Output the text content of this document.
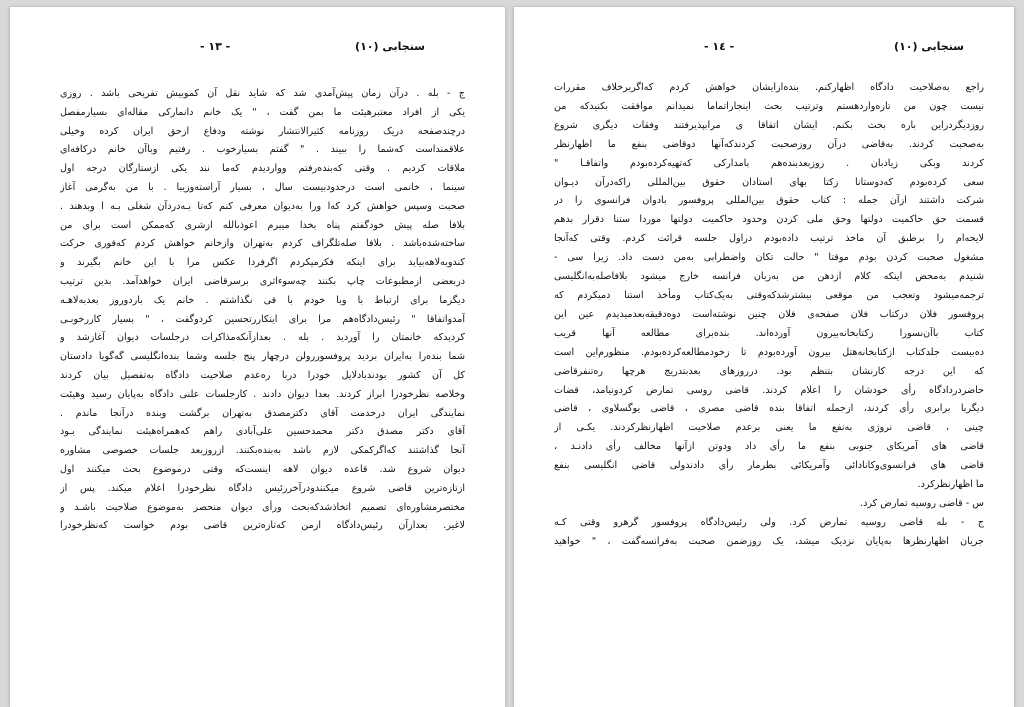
- ١٣ -	سنجابی (١٠)
ج - بله . درآن زمان پیش‌آمدی شد که شاید نقل آن کموبیش تفریحی باشد . روزی
یکی از افراد معتبرهیئت ما بمن گفت ، " یک خانم دانمارکی مقاله‌ای بسیارمفصل
درچندصفحه دریک روزنامه کثیرالانتشار نوشته ودفاع ازحق ایران کرده وخیلی
علاقمنداست که‌شما را ببیند . " گفتم بسیارخوب . رفتیم وباآن خانم درکافه‌ای
ملاقات کردیم . وقتی که‌بنده‌رفتم وواردیدم که‌ما نند یکی ازستارگان درجه اول
سینما ، خانمی است درحدودبیست سال ، بسیار آراسته‌وزیبا . با من به‌گرمی آغاز
صحبت وسپس خواهش کرد که‌ا ورا به‌دیوان معرفی کنم که‌تا بـه‌دردآن شغلی بـه ا وبدهند .
بلافا صله پیش خودگفتم پناه بخدا میبرم اعوذبالله ازشری که‌ممکن است برای من
ساخته‌شده‌باشد . بلافا صله‌تلگراف کردم به‌تهران وازخانم خواهش کردم که‌فوری حرکت
کندوبه‌لاهه‌بیاید برای اینکه فکرمیکردم اگرفردا عکس مرا با این خانم بگیرند و
دربعضی ازمطبوعات چاپ بکنند چه‌سوءاثری برسرقاضی ایران خواهدآمد. بدین ترتیب
دیگرما برای ارتباط با وبا خودم با قی نگذاشتم . خانم یک باردوروز بعدبه‌لاهـه
آمدواتفاقا " رئیس‌دادگاه‌هم مرا برای اینکاررتحسین کردوگفت ، " بسیار کاررخوبـی
کردیدکه خانمتان را آوردید . بله . بعدازآنکه‌مذاکرات درجلسات دیوان آغازشد و
شما بنده‌را به‌ایران بردید پروفسوررولن درچهار پنج جلسه وشما بنده‌انگلیسی گه‌گویا دادستان
کل آن کشور بودندبادلایل خودرا دربا ره‌عدم صلاحیت دادگاه به‌تفصیل بیان کردند
وخلاصه نظرخودرا ابراز کردند. بعدا دیوان دادند . کارجلسات علنی دادگاه به‌پایان رسید وهیئت
نمایندگی ایران درخدمت آقای دکترمصدق به‌تهران برگشت وبنده درآنجا ماندم .
آقای دکتر مصدق دکتر محمدحسین علی‌آبادی راهم که‌همراه‌هیئت نمایندگی بـود
آنجا گذاشتند که‌اگرکمکی لازم باشد به‌بنده‌بکنند. ازروزبعد جلسات خصوصی مشاوره
دیوان شروع شد. قاعده دیوان لاهه اینست‌که وقتی درموضوع بحث میکنند اول
ازتازه‌ترین قاضی شروع میکنندودرآخررئیس دادگاه نظرخودرا اعلام میکند. پس از
مختصرمشاوره‌ای تصمیم اتخاذشدکه‌بحث ورأی دیوان منحصر به‌موضوع صلاحیت باشـد و
لاغیر. بعدازآن رئیس‌دادگاه ازمن که‌تازه‌ترین قاضی بودم خواست که‌نظرخودرا
- ١٤ -	سنجابی (١٠)
راجع به‌صلاحیت دادگاه اظهارکنم. بنده‌ازایشان خواهش کردم که‌اگربرخلاف مقررات
نیست چون من تازه‌واردهستم وترتیب بحث اینجاراتماما نمیدانم موافقت بکنیدکه من
روزدیگردراین باره بحث بکنم. ایشان اتفاقا ی مرابپذیرفتند وفقات دیگری شروع
به‌صحبت کردند. به‌قاضی درآن روزصحبت کردندکه‌آنها دوقاضی بنفع ما اظهارنظر
کردند وبکی زیادبان . روزبعدبنده‌هم بامدارکی که‌تهیه‌کرده‌بودم واتفاقـا "
سعی کرده‌بودم که‌دوستانا زکتا بهای استادان حقوق بین‌المللی راکه‌درآن دیـوان
شرکت داشتند ازآن جمله : کتاب حقوق بین‌المللی پروفسور بادوان فرانسوی را در
قسمت حق حاکمیت دولتها وحق ملی کردن وحدود حاکمیت دولتها موردا ستنا دقرار بدهم
لایحه‌ام را برطبق آن ماخذ ترتیب داده‌بودم دراول جلسه قرائت کردم. وقتی که‌آنجا
مشغول صحبت کردن بودم موقتا " حالت تکان واضطرابی به‌من دست داد. زیرا ‌سی -
شنیدم به‌محض اینکه کلام ازدهن من به‌زبان فرانسه خارج میشود بلافاصله‌به‌انگلیسی
ترجمه‌میشود وتعجب من موقعی بیشترشدکه‌وقتی به‌یک‌کتاب ومأخذ استنا دمیکردم که
پروفسور فلان درکتاب فلان صفحه‌ی فلان چنین نوشته‌است دوه‌دقیقه‌بعدمیدیدم عین این
کتاب باآن‌نسورا زکتابخانه‌بیرون آورده‌اند. بنده‌برای مطالعه آنها قریب
ده‌بیست جلدکتاب ازکتابخانه‌هتل بیرون آورده‌بودم تا زخودمطالعه‌کرده‌بودم. منظورم‌این است
که این درجه کارنشان بتنظم بود. درروزهای بعدبتدریج هرچها ره‌تنفرقاضی
حاضردردادگاه رأی خودشان را اعلام کردند. قاضی روسی تمارض کردونیامد، قضات
دیگربا برابری رأی کردند، ازجمله اتفاقا ‌بنده قاضی مصری ، قاضی یوگسلاوی ، قاضی
چینی ، قاضی نروژی به‌نفع ما یعنی برعدم صلاحیت اظهارنظرکردند. یکـی از
قاضی های آمریکای جنوبی بنفع ما رأی داد ودوتن ازآنها مخالف رأی دادنـد ،
قاضی های فرانسوی‌وکانادائی وآمریکائی بطرمار رأی دادندولی قاضی انگلیسی بنفع
ما اظهارنظرکرد.
س - قاضی روسیه تمارض کرد.
ج - بله قاضی روسیه تمارض کرد. ولی رئیس‌دادگاه پروفسور گرهرو وقتی کـه
جریان اظهارنظرها به‌پایان نزدیک میشد، یک روزضمن صحبت به‌فرانسه‌گفت ، " خواهید
